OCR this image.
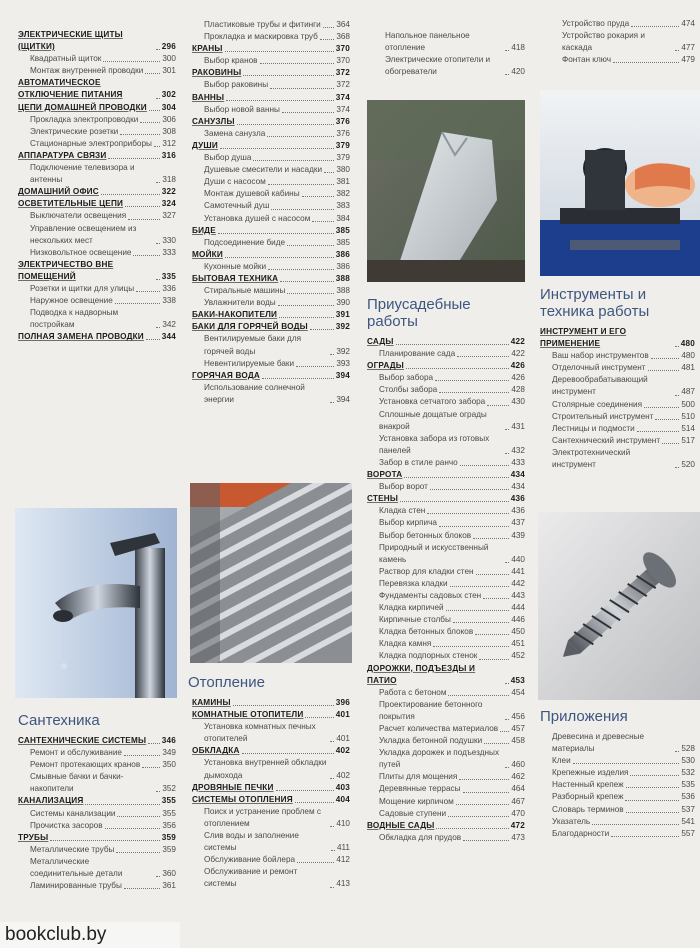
ЭЛЕКТРИЧЕСКИЕ ЩИТЫ (ЩИТКИ)	296
Квадратный щиток	300
Монтаж внутренней проводки 301
АВТОМАТИЧЕСКОЕ ОТКЛЮЧЕНИЕ ПИТАНИЯ	302
ЦЕПИ ДОМАШНЕЙ ПРОВОДКИ 304
Прокладка электропроводки	306
Электрические розетки	308
Стационарные электроприборы 312
АППАРАТУРА СВЯЗИ	316
Подключение телевизора и антенны	318
ДОМАШНИЙ ОФИС	322
ОСВЕТИТЕЛЬНЫЕ ЦЕПИ	324
Выключатели освещения	327
Управление освещением из нескольких мест	330
Низковольтное освещение	333
ЭЛЕКТРИЧЕСТВО ВНЕ ПОМЕЩЕНИЙ	335
Розетки и щитки для улицы	336
Наружное освещение	338
Подводка к надворным постройкам	342
ПОЛНАЯ ЗАМЕНА ПРОВОДКИ 344
Сантехника
САНТЕХНИЧЕСКИЕ СИСТЕМЫ 346
Ремонт и обслуживание	349
Ремонт протекающих кранов	350
Смывные бачки и бачки-накопители	352
КАНАЛИЗАЦИЯ	355
Системы канализации	355
Прочистка засоров	356
ТРУБЫ	359
Металлические трубы	359
Металлические соединительные детали	360
Ламинированные трубы	361
Пластиковые трубы и фитинги 364
Прокладка и маскировка труб 368
КРАНЫ	370
Выбор кранов	370
РАКОВИНЫ	372
Выбор раковины	372
ВАННЫ	374
Выбор новой ванны	374
САНУЗЛЫ	376
Замена санузла	376
ДУШИ	379
Выбор душа	379
Душевые смесители и насадки 380
Души с насосом	381
Монтаж душевой кабины	382
Самотечный душ	383
Установка душей с насосом	384
БИДЕ	385
Подсоединение биде	385
МОЙКИ	386
Кухонные мойки	386
БЫТОВАЯ ТЕХНИКА	388
Стиральные машины	388
Увлажнители воды	390
БАКИ-НАКОПИТЕЛИ	391
БАКИ ДЛЯ ГОРЯЧЕЙ ВОДЫ	392
Вентилируемые баки для горячей воды	392
Невентилируемые баки	393
ГОРЯЧАЯ ВОДА	394
Использование солнечной энергии	394
Отопление
КАМИНЫ	396
КОМНАТНЫЕ ОТОПИТЕЛИ	401
Установка комнатных печных отопителей	401
ОБКЛАДКА	402
Установка внутренней обкладки дымохода	402
ДРОВЯНЫЕ ПЕЧКИ	403
СИСТЕМЫ ОТОПЛЕНИЯ	404
Поиск и устранение проблем с отоплением	410
Слив воды и заполнение системы	411
Обслуживание бойлера	412
Обслуживание и ремонт системы	413
Напольное панельное отопление	418
Электрические отопители и обогреватели	420
Приусадебные работы
САДЫ	422
Планирование сада	422
ОГРАДЫ	426
Выбор забора	426
Столбы забора	428
Установка сетчатого забора	430
Сплошные дощатые ограды внакрой	431
Установка забора из готовых панелей	432
Забор в стиле ранчо	433
ВОРОТА	434
Выбор ворот	434
СТЕНЫ	436
Кладка стен	436
Выбор кирпича	437
Выбор бетонных блоков	439
Природный и искусственный камень	440
Раствор для кладки стен	441
Перевязка кладки	442
Фундаменты садовых стен	443
Кладка кирпичей	444
Кирпичные столбы	446
Кладка бетонных блоков	450
Кладка камня	451
Кладка подпорных стенок	452
ДОРОЖКИ, ПОДЪЕЗДЫ И ПАТИО	453
Работа с бетоном	454
Проектирование бетонного покрытия	456
Расчет количества материалов 457
Укладка бетонной подушки	458
Укладка дорожек и подъездных путей	460
Плиты для мощения	462
Деревянные террасы	464
Мощение кирпичом	467
Садовые ступени	470
ВОДНЫЕ САДЫ	472
Обкладка для прудов	473
Устройство пруда	474
Устройство рокария и каскада	477
Фонтан ключ	479
Инструменты и техника работы
ИНСТРУМЕНТ И ЕГО ПРИМЕНЕНИЕ	480
Ваш набор инструментов	480
Отделочный инструмент	481
Деревообрабатывающий инструмент	487
Столярные соединения	500
Строительный инструмент	510
Лестницы и подмости	514
Сантехнический инструмент	517
Электротехнический инструмент	520
Приложения
Древесина и древесные материалы	528
Клеи	530
Крепежные изделия	532
Настенный крепеж	535
Разборный крепеж	536
Словарь терминов	537
Указатель	541
Благодарности	557
bookclub.by
